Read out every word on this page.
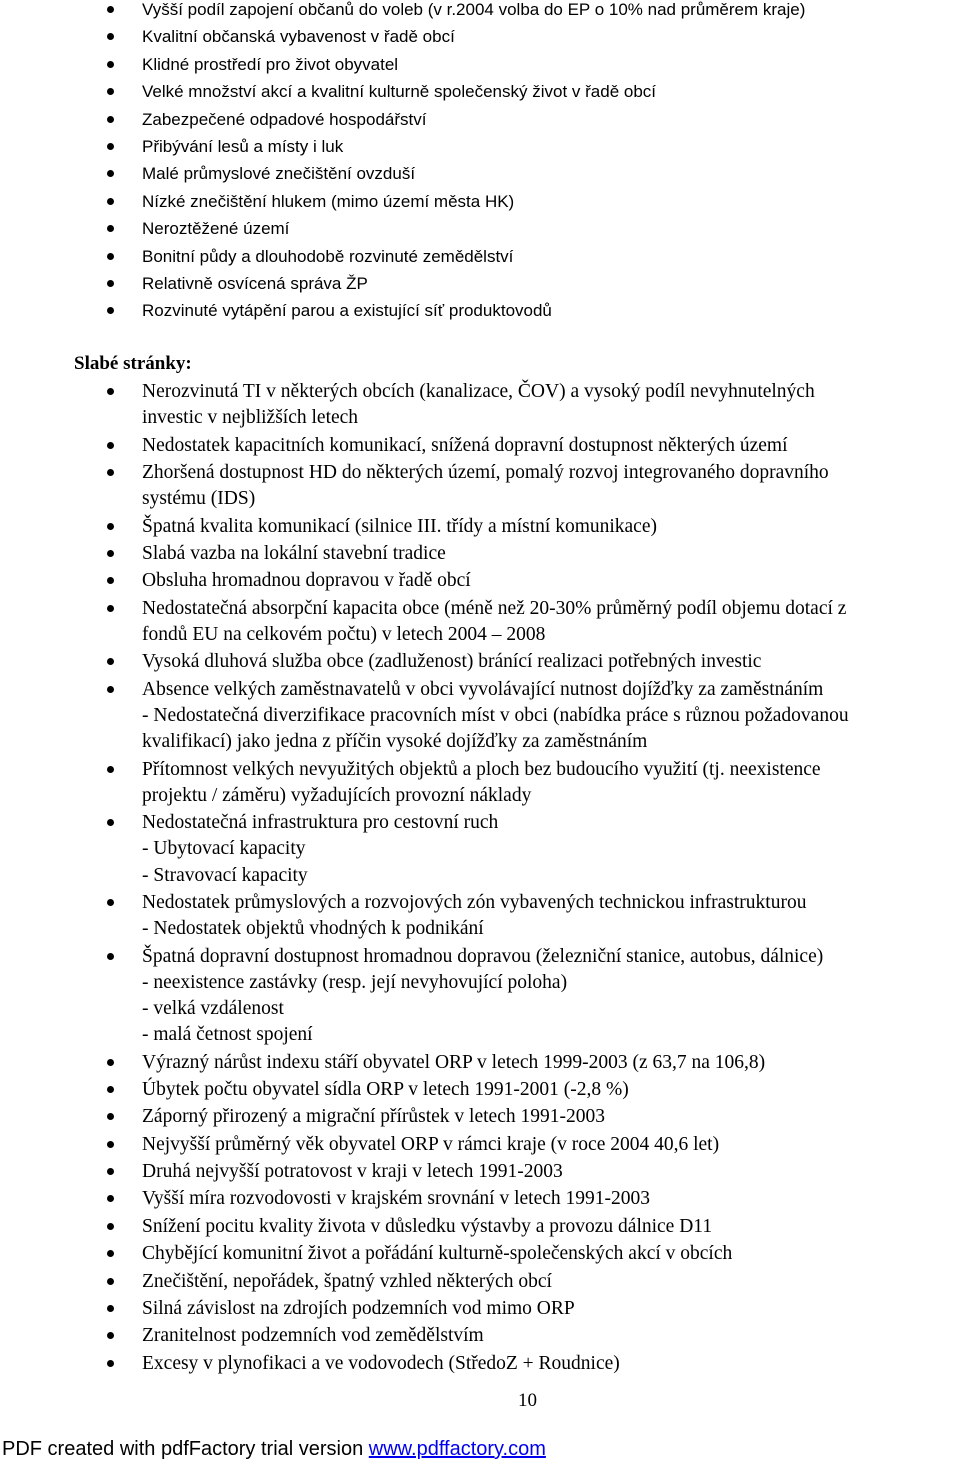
Vyšší podíl zapojení občanů do voleb (v r.2004 volba do EP o 10% nad průměrem kraje)
Kvalitní občanská vybavenost v řadě obcí
Klidné prostředí pro život obyvatel
Velké množství akcí a kvalitní kulturně společenský život v řadě obcí
Zabezpečené odpadové hospodářství
Přibývání lesů a místy i luk
Malé průmyslové znečištění ovzduší
Nízké znečištění hlukem (mimo území města HK)
Neroztěžené území
Bonitní půdy a dlouhodobě rozvinuté zemědělství
Relativně osvícená správa ŽP
Rozvinuté vytápění parou a existující síť produktovodů
Slabé stránky:
Nerozvinutá TI v některých obcích (kanalizace, ČOV) a vysoký podíl nevyhnutelných
investic v nejbližších letech
Nedostatek kapacitních komunikací, snížená dopravní dostupnost některých území
Zhoršená dostupnost HD do některých území, pomalý rozvoj integrovaného dopravního
systému (IDS)
Špatná kvalita komunikací (silnice III. třídy a místní komunikace)
Slabá vazba na lokální stavební tradice
Obsluha hromadnou dopravou v řadě obcí
Nedostatečná absorpční kapacita obce (méně než 20-30% průměrný podíl objemu dotací z
fondů EU na celkovém počtu) v letech 2004 – 2008
Vysoká dluhová služba obce (zadluženost) bránící realizaci potřebných investic
Absence velkých zaměstnavatelů v obci vyvolávající nutnost dojížďky za zaměstnáním
- Nedostatečná diverzifikace pracovních míst v obci (nabídka práce s různou požadovanou
kvalifikací) jako jedna z příčin vysoké dojížďky za zaměstnáním
Přítomnost velkých nevyužitých objektů a ploch bez budoucího využití (tj. neexistence
projektu / záměru) vyžadujících provozní náklady
Nedostatečná infrastruktura pro cestovní ruch
- Ubytovací kapacity
- Stravovací kapacity
Nedostatek průmyslových a rozvojových zón vybavených technickou infrastrukturou
- Nedostatek objektů vhodných k podnikání
Špatná dopravní dostupnost hromadnou dopravou (železniční stanice, autobus, dálnice)
- neexistence zastávky (resp. její nevyhovující poloha)
- velká vzdálenost
- malá četnost spojení
Výrazný nárůst indexu stáří obyvatel ORP v letech 1999-2003 (z 63,7 na 106,8)
Úbytek počtu obyvatel sídla ORP v letech 1991-2001 (-2,8 %)
Záporný přirozený a migrační přírůstek v letech 1991-2003
Nejvyšší průměrný věk obyvatel ORP v rámci kraje (v roce 2004 40,6 let)
Druhá nejvyšší potratovost v kraji v letech 1991-2003
Vyšší míra rozvodovosti v krajském srovnání v letech 1991-2003
Snížení pocitu kvality života v důsledku výstavby a provozu dálnice D11
Chybějící komunitní život a pořádání kulturně-společenských akcí v obcích
Znečištění, nepořádek, špatný vzhled některých obcí
Silná závislost na zdrojích podzemních vod mimo ORP
Zranitelnost podzemních vod zemědělstvím
Excesy v plynofikaci a ve vodovodech (StředoZ + Roudnice)
10
PDF created with pdfFactory trial version www.pdffactory.com
